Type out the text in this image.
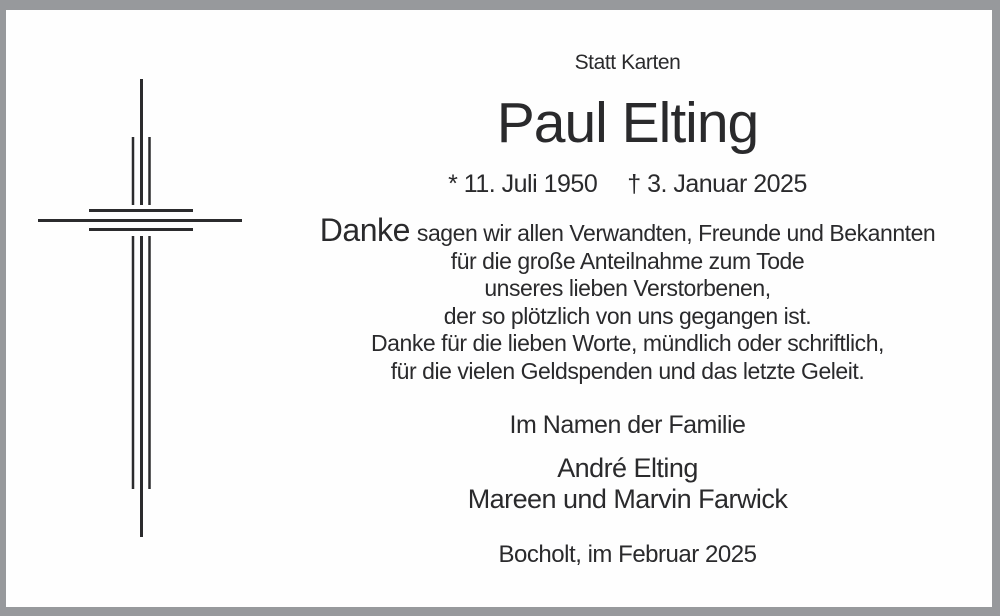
Statt Karten
Paul Elting
* 11. Juli 1950 † 3. Januar 2025
Danke sagen wir allen Verwandten, Freunde und Bekannten
für die große Anteilnahme zum Tode
unseres lieben Verstorbenen,
der so plötzlich von uns gegangen ist.
Danke für die lieben Worte, mündlich oder schriftlich,
für die vielen Geldspenden und das letzte Geleit.
Im Namen der Familie
André Elting
Mareen und Marvin Farwick
Bocholt, im Februar 2025
